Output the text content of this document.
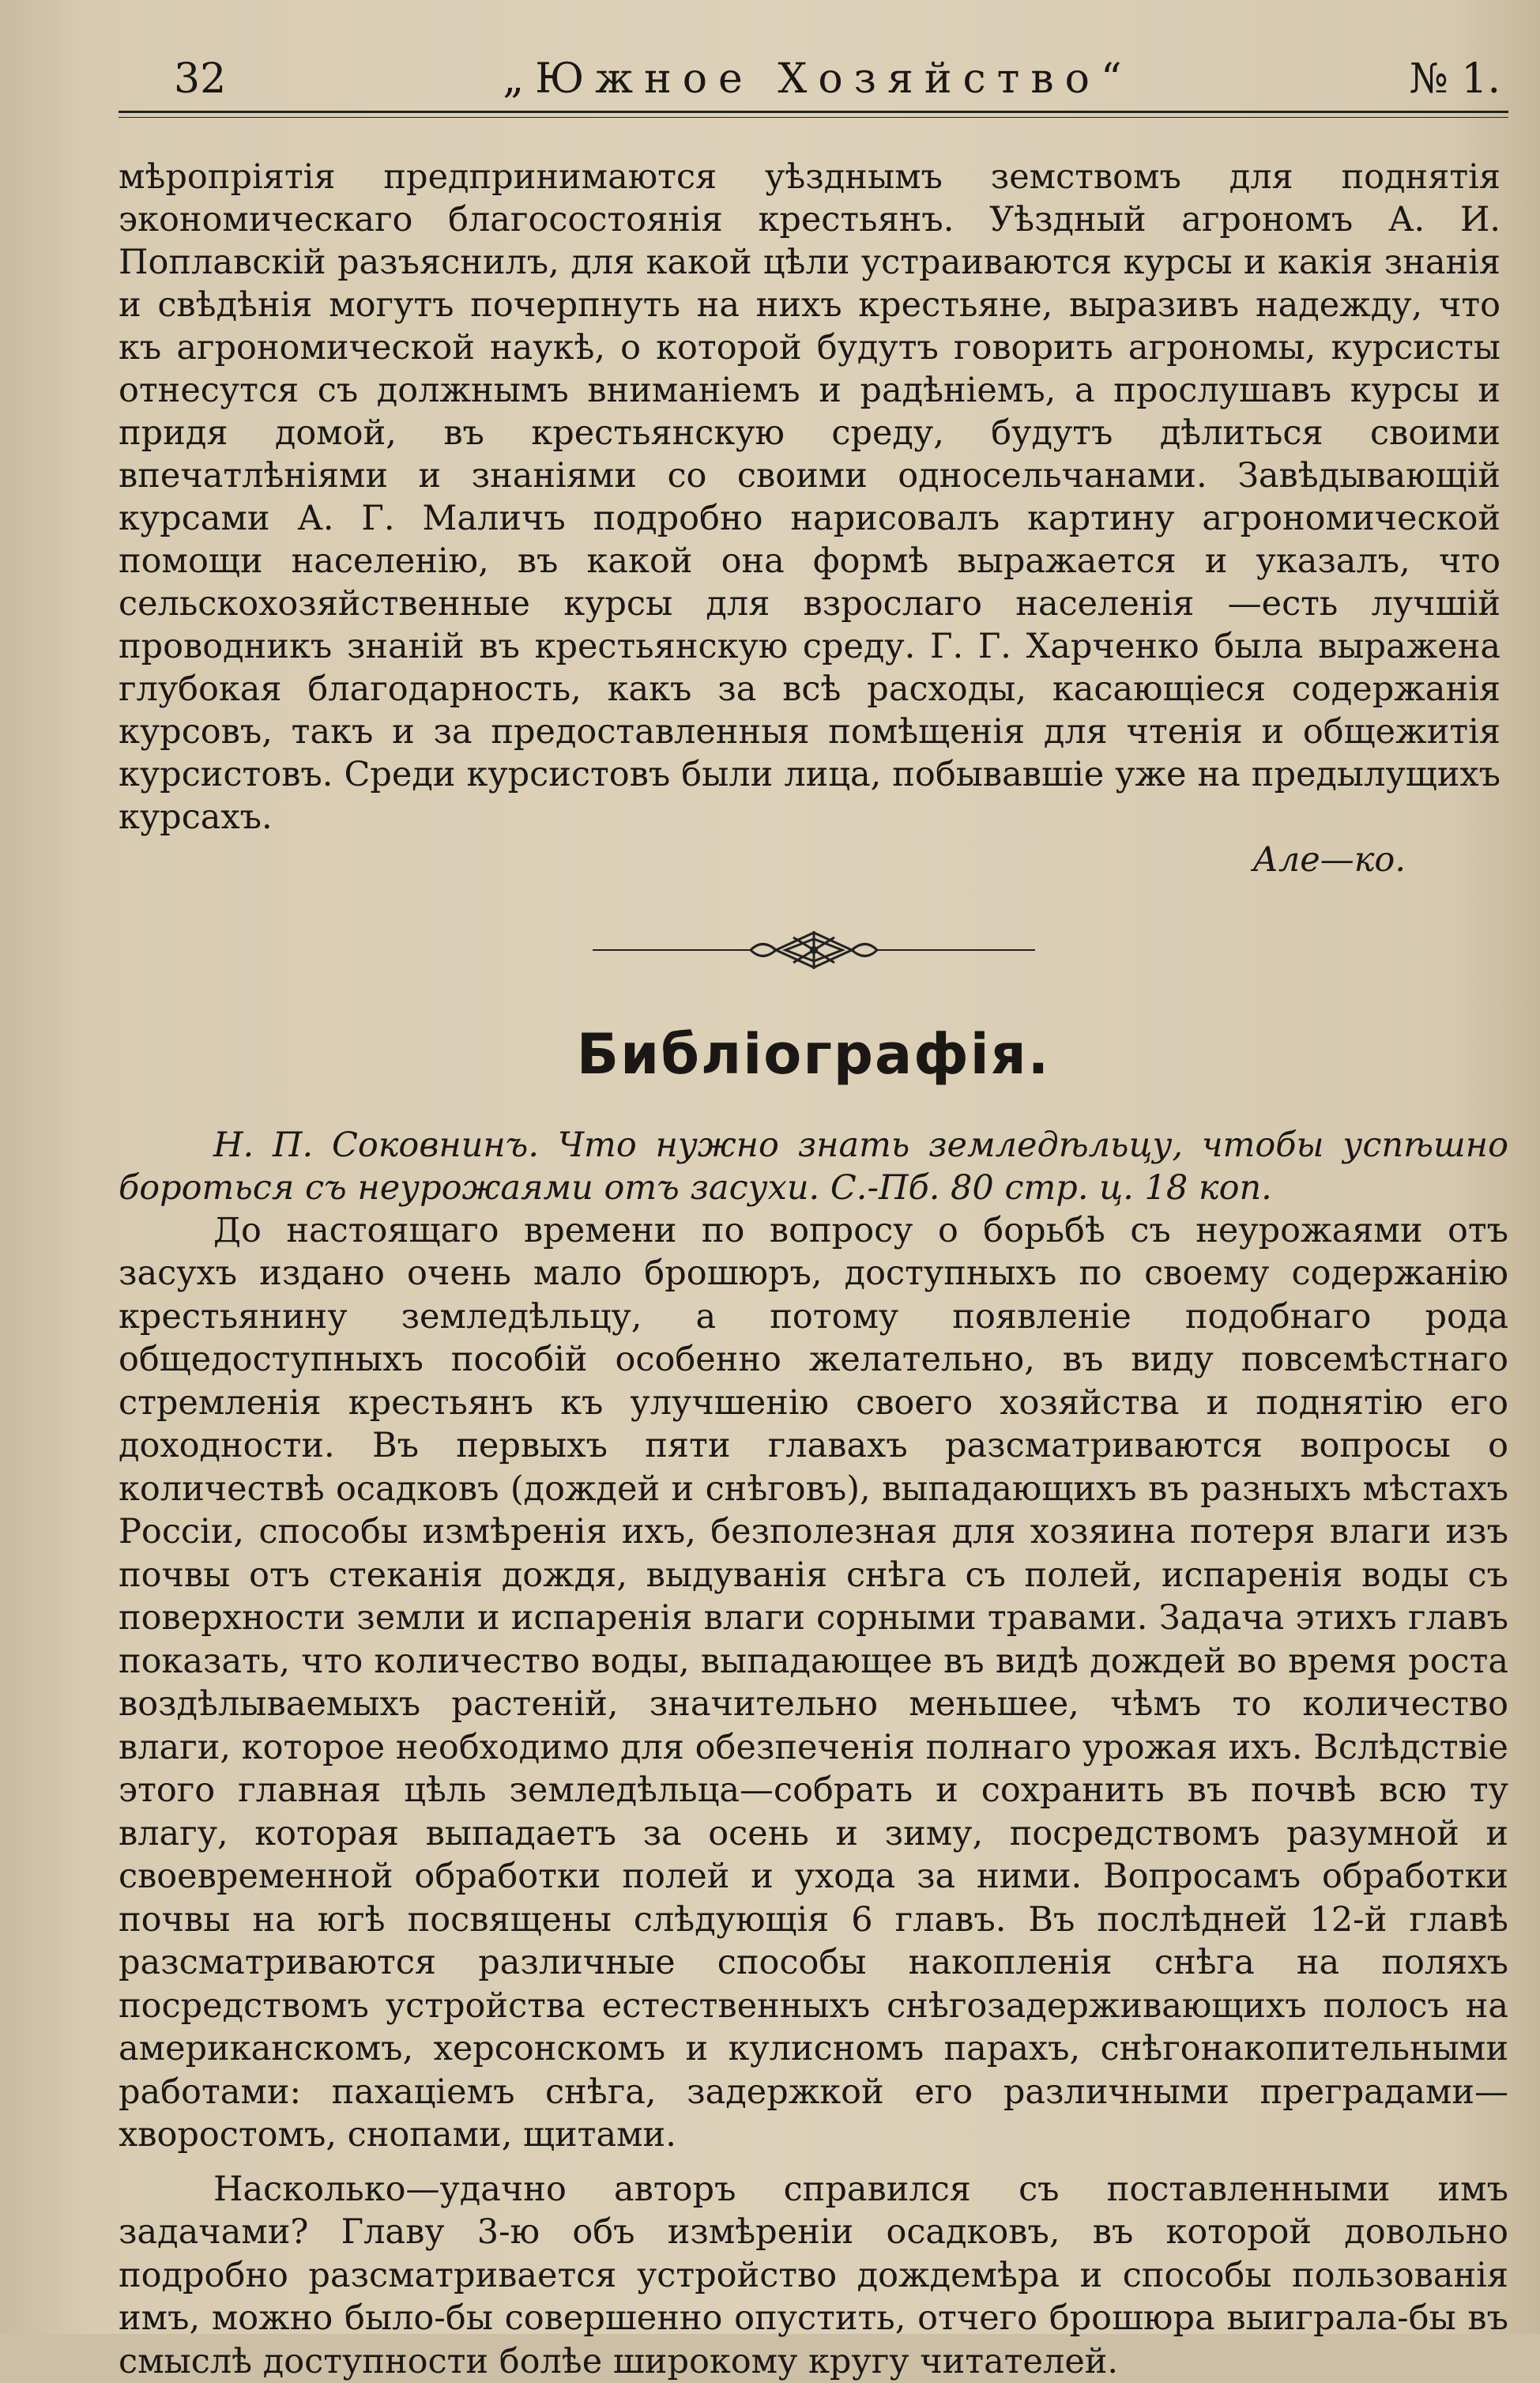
32	„Южное Хозяйство“	№ 1.

мѣропріятія предпринимаются уѣзднымъ земствомъ для поднятія экономическаго благосостоянія крестьянъ. Уѣздный агрономъ А. И. Поплавскій разъяснилъ, для какой цѣли устраиваются курсы и какія знанія и свѣдѣнія могутъ почерпнуть на нихъ крестьяне, выразивъ надежду, что къ агрономической наукѣ, о которой будутъ говорить агрономы, курсисты отнесутся съ должнымъ вниманіемъ и радѣніемъ, а прослушавъ курсы и придя домой, въ крестьянскую среду, будутъ дѣлиться своими впечатлѣніями и знаніями со своими односельчанами. Завѣдывающій курсами А. Г. Маличъ подробно нарисовалъ картину агрономической помощи населенію, въ какой она формѣ выражается и указалъ, что сельскохозяйственные курсы для взрослаго населенія —есть лучшій проводникъ знаній въ крестьянскую среду. Г. Г. Харченко была выражена глубокая благодарность, какъ за всѣ расходы, касающіеся содержанія курсовъ, такъ и за предоставленныя помѣщенія для чтенія и общежитія курсистовъ. Среди курсистовъ были лица, побывавшіе уже на предылущихъ курсахъ.

Але—ко.

Библіографія.

Н. П. Соковнинъ. Что нужно знать земледѣльцу, чтобы успѣшно бороться съ неурожаями отъ засухи. С.-Пб. 80 стр. ц. 18 коп.

До настоящаго времени по вопросу о борьбѣ съ неурожаями отъ засухъ издано очень мало брошюръ, доступныхъ по своему содержанію крестьянину земледѣльцу, а потому появленіе подобнаго рода общедоступныхъ пособій особенно желательно, въ виду повсемѣстнаго стремленія крестьянъ къ улучшенію своего хозяйства и поднятію его доходности. Въ первыхъ пяти главахъ разсматриваются вопросы о количествѣ осадковъ (дождей и снѣговъ), выпадающихъ въ разныхъ мѣстахъ Россіи, способы измѣренія ихъ, безполезная для хозяина потеря влаги изъ почвы отъ стеканія дождя, выдуванія снѣга съ полей, испаренія воды съ поверхности земли и испаренія влаги сорными травами. Задача этихъ главъ показать, что количество воды, выпадающее въ видѣ дождей во время роста воздѣлываемыхъ растеній, значительно меньшее, чѣмъ то количество влаги, которое необходимо для обезпеченія полнаго урожая ихъ. Вслѣдствіе этого главная цѣль земледѣльца—собрать и сохранить въ почвѣ всю ту влагу, которая выпадаетъ за осень и зиму, посредствомъ разумной и своевременной обработки полей и ухода за ними. Вопросамъ обработки почвы на югѣ посвящены слѣдующія 6 главъ. Въ послѣдней 12-й главѣ разсматриваются различные способы накопленія снѣга на поляхъ посредствомъ устройства естественныхъ снѣгозадерживающихъ полосъ на американскомъ, херсонскомъ и кулисномъ парахъ, снѣгонакопительными работами: пахаціемъ снѣга, задержкой его различными преградами—хворостомъ, снопами, щитами.

Насколько—удачно авторъ справился съ поставленными имъ задачами? Главу 3-ю объ измѣреніи осадковъ, въ которой довольно подробно разсматривается устройство дождемѣра и способы пользованія имъ, можно было-бы совершенно опустить, отчего брошюра выиграла-бы въ смыслѣ доступности болѣе широкому кругу читателей.
